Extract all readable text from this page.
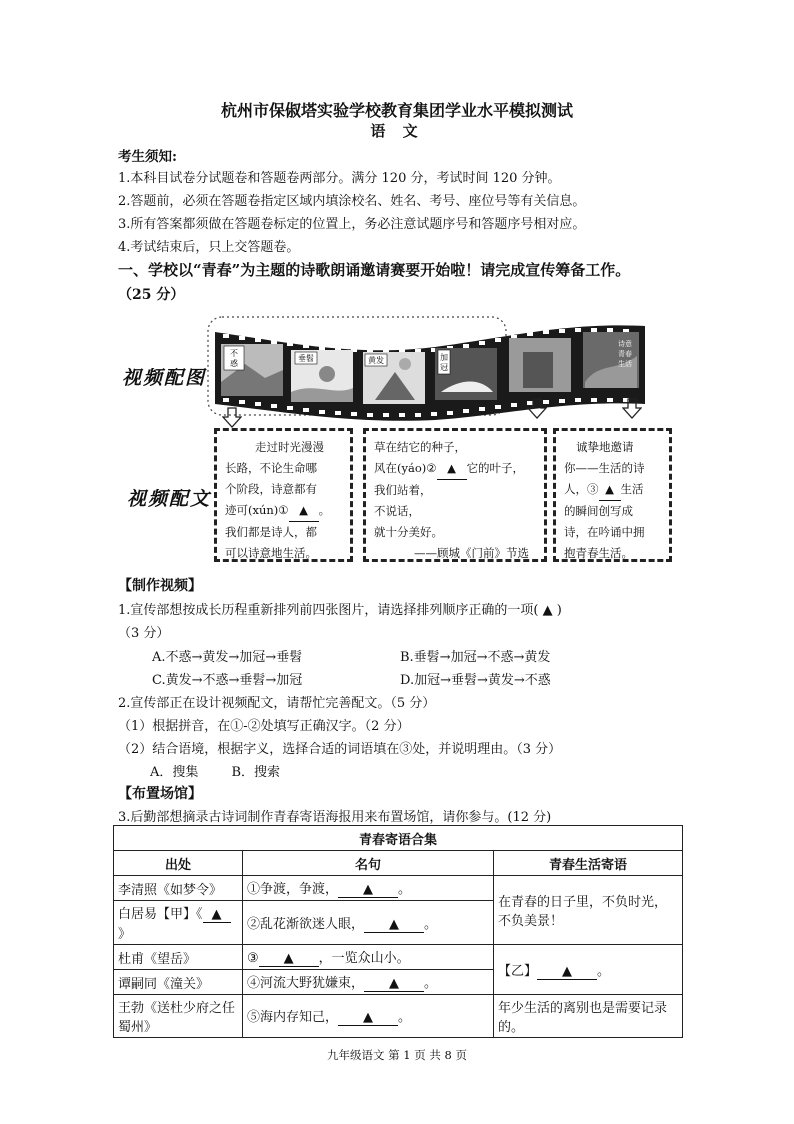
杭州市保俶塔实验学校教育集团学业水平模拟测试
语 文
考生须知:
1.本科目试卷分试题卷和答题卷两部分。满分 120 分，考试时间 120 分钟。
2.答题前，必须在答题卷指定区域内填涂校名、姓名、考号、座位号等有关信息。
3.所有答案都须做在答题卷标定的位置上，务必注意试题序号和答题序号相对应。
4.考试结束后，只上交答题卷。
一、学校以“青春”为主题的诗歌朗诵邀请赛要开始啦！请完成宣传筹备工作。
（25 分）
视频配图
不
惑
垂髫	黄发	加
冠
诗意
青春
生活
视频配文
走过时光漫漫
长路，不论生命哪
个阶段，诗意都有
迹可(xún)① ▲ 。
我们都是诗人，都
可以诗意地生活。
草在结它的种子，
风在(yáo)② ▲ 它的叶子，
我们站着，
不说话，
就十分美好。
——顾城《门前》节选
诚挚地邀请
你——生活的诗
人，③ ▲ 生活
的瞬间创写成
诗，在吟诵中拥
抱青春生活。
【制作视频】
1.宣传部想按成长历程重新排列前四张图片，请选择排列顺序正确的一项( ▲ )
（3 分）
A.不惑→黄发→加冠→垂髫	B.垂髫→加冠→不惑→黄发
C.黄发→不惑→垂髫→加冠	D.加冠→垂髫→黄发→不惑
2.宣传部正在设计视频配文，请帮忙完善配文。（5 分）
（1）根据拼音，在①-②处填写正确汉字。（2 分）
（2）结合语境，根据字义，选择合适的词语填在③处，并说明理由。（3 分）
A．搜集        B．搜索
【布置场馆】
3.后勤部想摘录古诗词制作青春寄语海报用来布置场馆，请你参与。(12 分)
青春寄语合集		
出处	名句	青春生活寄语
李清照《如梦令》	①争渡，争渡， ▲ 。	在青春的日子里，不负时光，不负美景！
白居易【甲】《 ▲》	②乱花渐欲迷人眼， ▲ 。	
杜甫《望岳》	③ ▲ ，一览众山小。	【乙】 ▲ 。
谭嗣同《潼关》	④河流大野犹嫌束， ▲ 。	
王勃《送杜少府之任蜀州》	⑤海内存知己， ▲ 。	年少生活的离别也是需要记录的。
九年级语文 第 1 页 共 8 页
